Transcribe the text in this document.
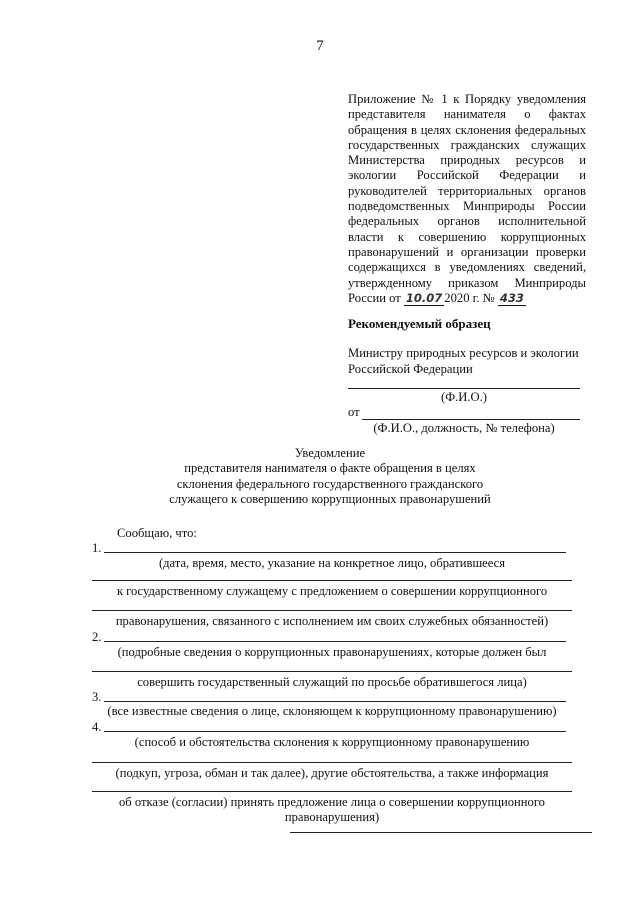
7
Приложение № 1 к Порядку уведомления
представителя нанимателя о фактах
обращения в целях склонения федеральных
государственных гражданских служащих
Министерства природных ресурсов и
экологии Российской Федерации и
руководителей территориальных органов
подведомственных Минприроды России
федеральных органов исполнительной
власти к совершению коррупционных
правонарушений и организации проверки
содержащихся в уведомлениях сведений,
утвержденному приказом Минприроды
России от 10.07 2020 г. № 433
Рекомендуемый образец
Министру природных ресурсов и экологии
Российской Федерации
(Ф.И.О.)
от
(Ф.И.О., должность, № телефона)
Уведомление
представителя нанимателя о факте обращения в целях
склонения федерального государственного гражданского
служащего к совершению коррупционных правонарушений
Сообщаю, что:
1.
(дата, время, место, указание на конкретное лицо, обратившееся
к государственному служащему с предложением о совершении коррупционного
правонарушения, связанного с исполнением им своих служебных обязанностей)
2.
(подробные сведения о коррупционных правонарушениях, которые должен был
совершить государственный служащий по просьбе обратившегося лица)
3.
(все известные сведения о лице, склоняющем к коррупционному правонарушению)
4.
(способ и обстоятельства склонения к коррупционному правонарушению
(подкуп, угроза, обман и так далее), другие обстоятельства, а также информация
об отказе (согласии) принять предложение лица о совершении коррупционного
правонарушения)
